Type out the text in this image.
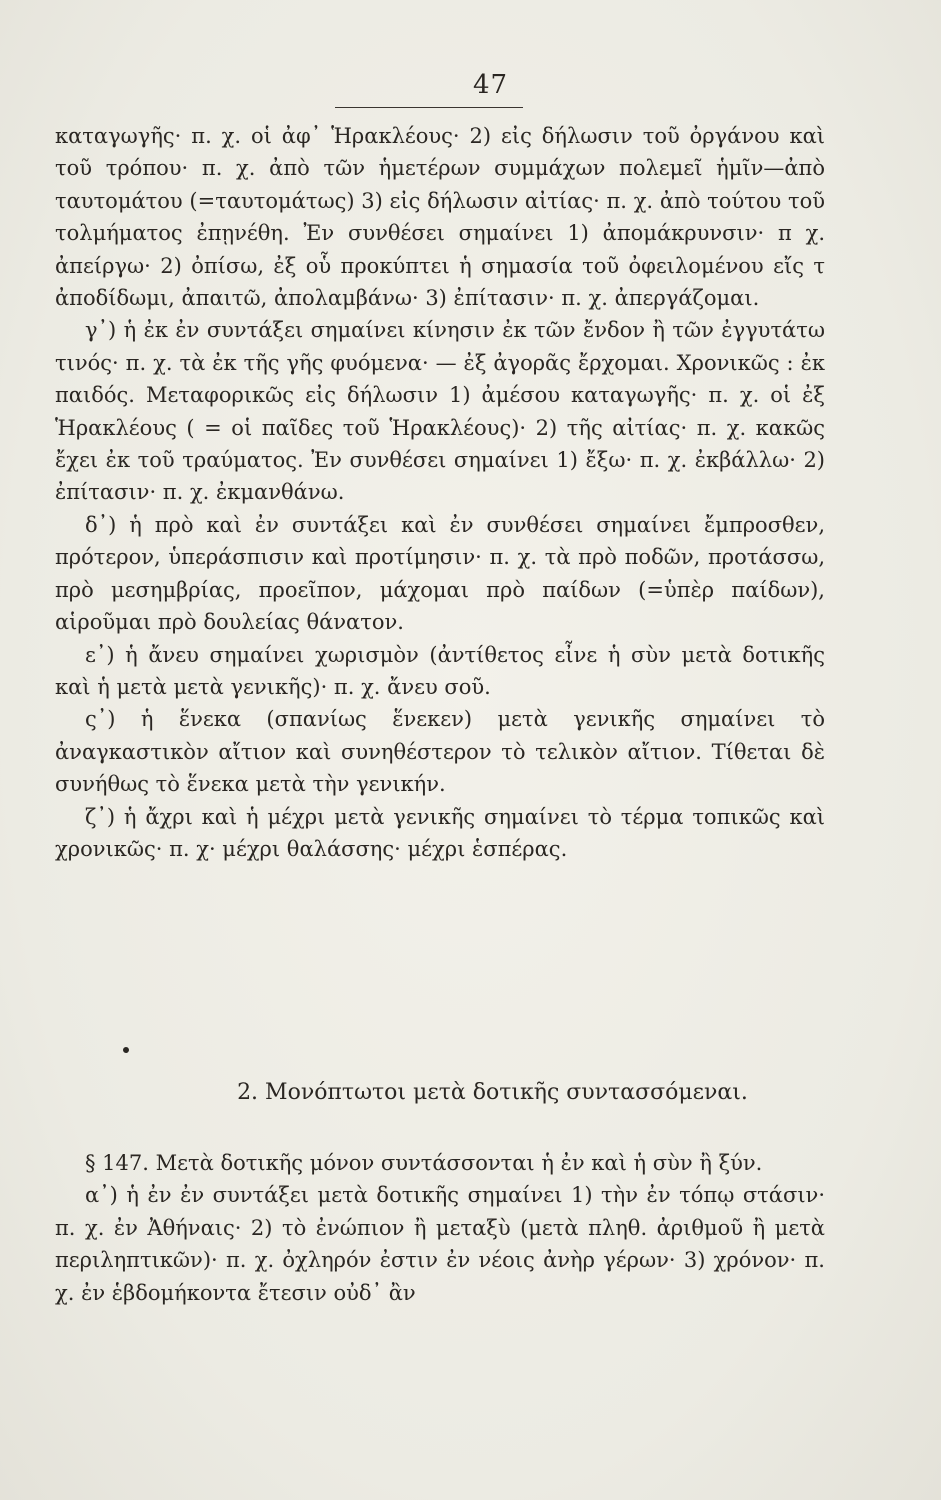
47

καταγωγῆς· π. χ. οἱ ἀφ᾽ Ἡρακλέους· 2) εἰς δήλωσιν τοῦ ὀργάνου καὶ τοῦ τρόπου· π. χ. ἀπὸ τῶν ἡμετέρων συμμάχων πολεμεῖ ἡμῖν—ἀπὸ ταυτομάτου (=ταυτομάτως) 3) εἰς δήλωσιν αἰτίας· π. χ. ἀπὸ τούτου τοῦ τολμήματος ἐπῃνέθη. Ἐν συνθέσει σημαίνει 1) ἀπομάκρυνσιν· π χ. ἀπείργω· 2) ὀπίσω, ἐξ οὗ προκύπτει ἡ σημασία τοῦ ὀφειλομένου εἴς τ ἀποδίδωμι, ἀπαιτῶ, ἀπολαμβάνω· 3) ἐπίτασιν· π. χ. ἀπεργάζομαι.

γ᾽) ἡ ἐκ ἐν συντάξει σημαίνει κίνησιν ἐκ τῶν ἔνδον ἢ τῶν ἐγγυτάτω τινός· π. χ. τὰ ἐκ τῆς γῆς φυόμενα· — ἐξ ἀγορᾶς ἔρχομαι. Χρονικῶς : ἐκ παιδός. Μεταφορικῶς εἰς δήλωσιν 1) ἀμέσου καταγωγῆς· π. χ. οἱ ἐξ Ἡρακλέους ( = οἱ παῖδες τοῦ Ἡρακλέους)· 2) τῆς αἰτίας· π. χ. κακῶς ἔχει ἐκ τοῦ τραύματος. Ἐν συνθέσει σημαίνει 1) ἔξω· π. χ. ἐκβάλλω· 2) ἐπίτασιν· π. χ. ἐκμανθάνω.

δ᾽) ἡ πρὸ καὶ ἐν συντάξει καὶ ἐν συνθέσει σημαίνει ἔμπροσθεν, πρότερον, ὑπεράσπισιν καὶ προτίμησιν· π. χ. τὰ πρὸ ποδῶν, προτάσσω, πρὸ μεσημβρίας, προεῖπον, μάχομαι πρὸ παίδων (=ὑπὲρ παίδων), αἱροῦμαι πρὸ δουλείας θάνατον.

ε᾽) ἡ ἄνευ σημαίνει χωρισμὸν (ἀντίθετος εἶνε ἡ σὺν μετὰ δοτικῆς καὶ ἡ μετὰ μετὰ γενικῆς)· π. χ. ἄνευ σοῦ.

ς᾽) ἡ ἕνεκα (σπανίως ἕνεκεν) μετὰ γενικῆς σημαίνει τὸ ἀναγκαστικὸν αἴτιον καὶ συνηθέστερον τὸ τελικὸν αἴτιον. Τίθεται δὲ συνήθως τὸ ἕνεκα μετὰ τὴν γενικήν.

ζ᾽) ἡ ἄχρι καὶ ἡ μέχρι μετὰ γενικῆς σημαίνει τὸ τέρμα τοπικῶς καὶ χρονικῶς· π. χ· μέχρι θαλάσσης· μέχρι ἑσπέρας.

2. Μονόπτωτοι μετὰ δοτικῆς συντασσόμεναι.

§ 147. Μετὰ δοτικῆς μόνον συντάσσονται ἡ ἐν καὶ ἡ σὺν ἢ ξύν.

α᾽) ἡ ἐν ἐν συντάξει μετὰ δοτικῆς σημαίνει 1) τὴν ἐν τόπῳ στάσιν· π. χ. ἐν Ἀθήναις· 2) τὸ ἐνώπιον ἢ μεταξὺ (μετὰ πληθ. ἀριθμοῦ ἢ μετὰ περιληπτικῶν)· π. χ. ὀχληρόν ἐστιν ἐν νέοις ἀνὴρ γέρων· 3) χρόνον· π. χ. ἐν ἑβδομήκοντα ἔτεσιν οὐδ᾽ ἂν
